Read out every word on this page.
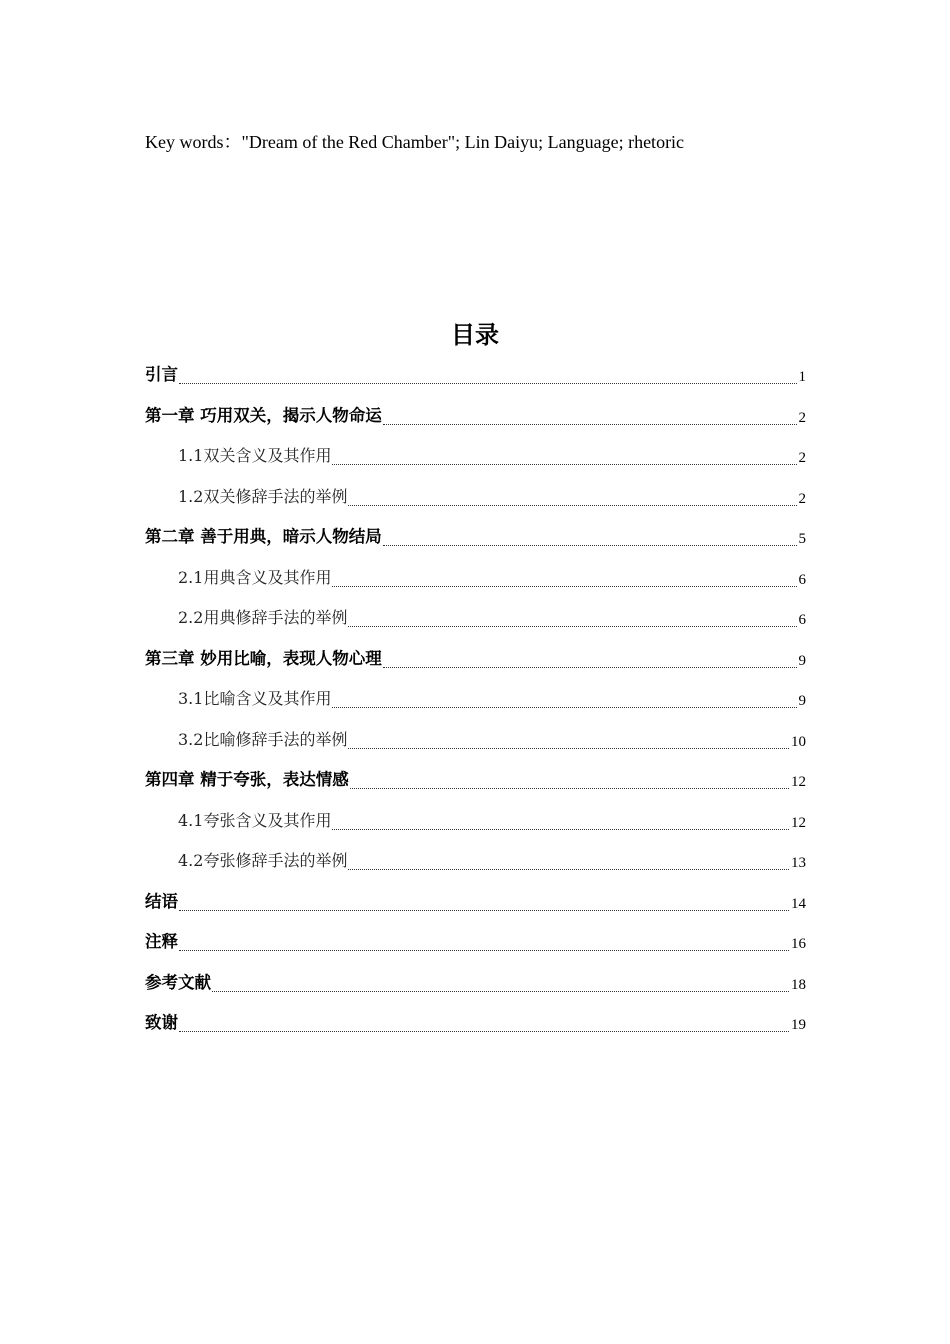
Key words："Dream of the Red Chamber"; Lin Daiyu; Language; rhetoric
目录
引言	1
第一章 巧用双关，揭示人物命运	2
1.1双关含义及其作用	2
1.2双关修辞手法的举例	2
第二章 善于用典，暗示人物结局	5
2.1用典含义及其作用	6
2.2用典修辞手法的举例	6
第三章 妙用比喻，表现人物心理	9
3.1比喻含义及其作用	9
3.2比喻修辞手法的举例	10
第四章 精于夸张，表达情感	12
4.1夸张含义及其作用	12
4.2夸张修辞手法的举例	13
结语	14
注释	16
参考文献	18
致谢	19
